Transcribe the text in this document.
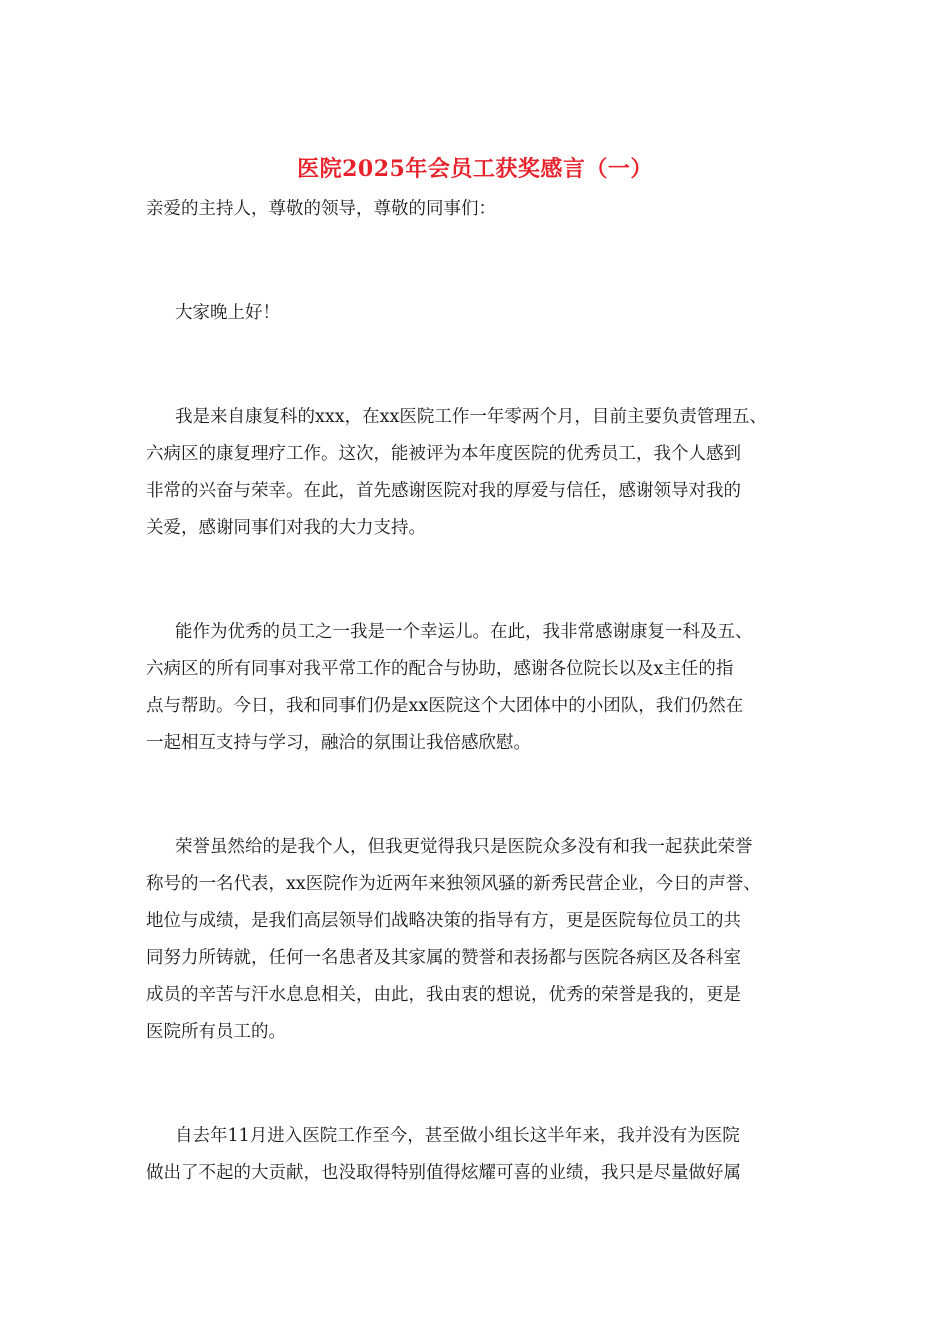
医院2025年会员工获奖感言（一）
亲爱的主持人，尊敬的领导，尊敬的同事们：
大家晚上好！
我是来自康复科的xxx，在xx医院工作一年零两个月，目前主要负责管理五、
六病区的康复理疗工作。这次，能被评为本年度医院的优秀员工，我个人感到
非常的兴奋与荣幸。在此，首先感谢医院对我的厚爱与信任，感谢领导对我的
关爱，感谢同事们对我的大力支持。
能作为优秀的员工之一我是一个幸运儿。在此，我非常感谢康复一科及五、
六病区的所有同事对我平常工作的配合与协助，感谢各位院长以及x主任的指
点与帮助。今日，我和同事们仍是xx医院这个大团体中的小团队，我们仍然在
一起相互支持与学习，融洽的氛围让我倍感欣慰。
荣誉虽然给的是我个人，但我更觉得我只是医院众多没有和我一起获此荣誉
称号的一名代表，xx医院作为近两年来独领风骚的新秀民营企业，今日的声誉、
地位与成绩，是我们高层领导们战略决策的指导有方，更是医院每位员工的共
同努力所铸就，任何一名患者及其家属的赞誉和表扬都与医院各病区及各科室
成员的辛苦与汗水息息相关，由此，我由衷的想说，优秀的荣誉是我的，更是
医院所有员工的。
自去年11月进入医院工作至今，甚至做小组长这半年来，我并没有为医院
做出了不起的大贡献，也没取得特别值得炫耀可喜的业绩，我只是尽量做好属
